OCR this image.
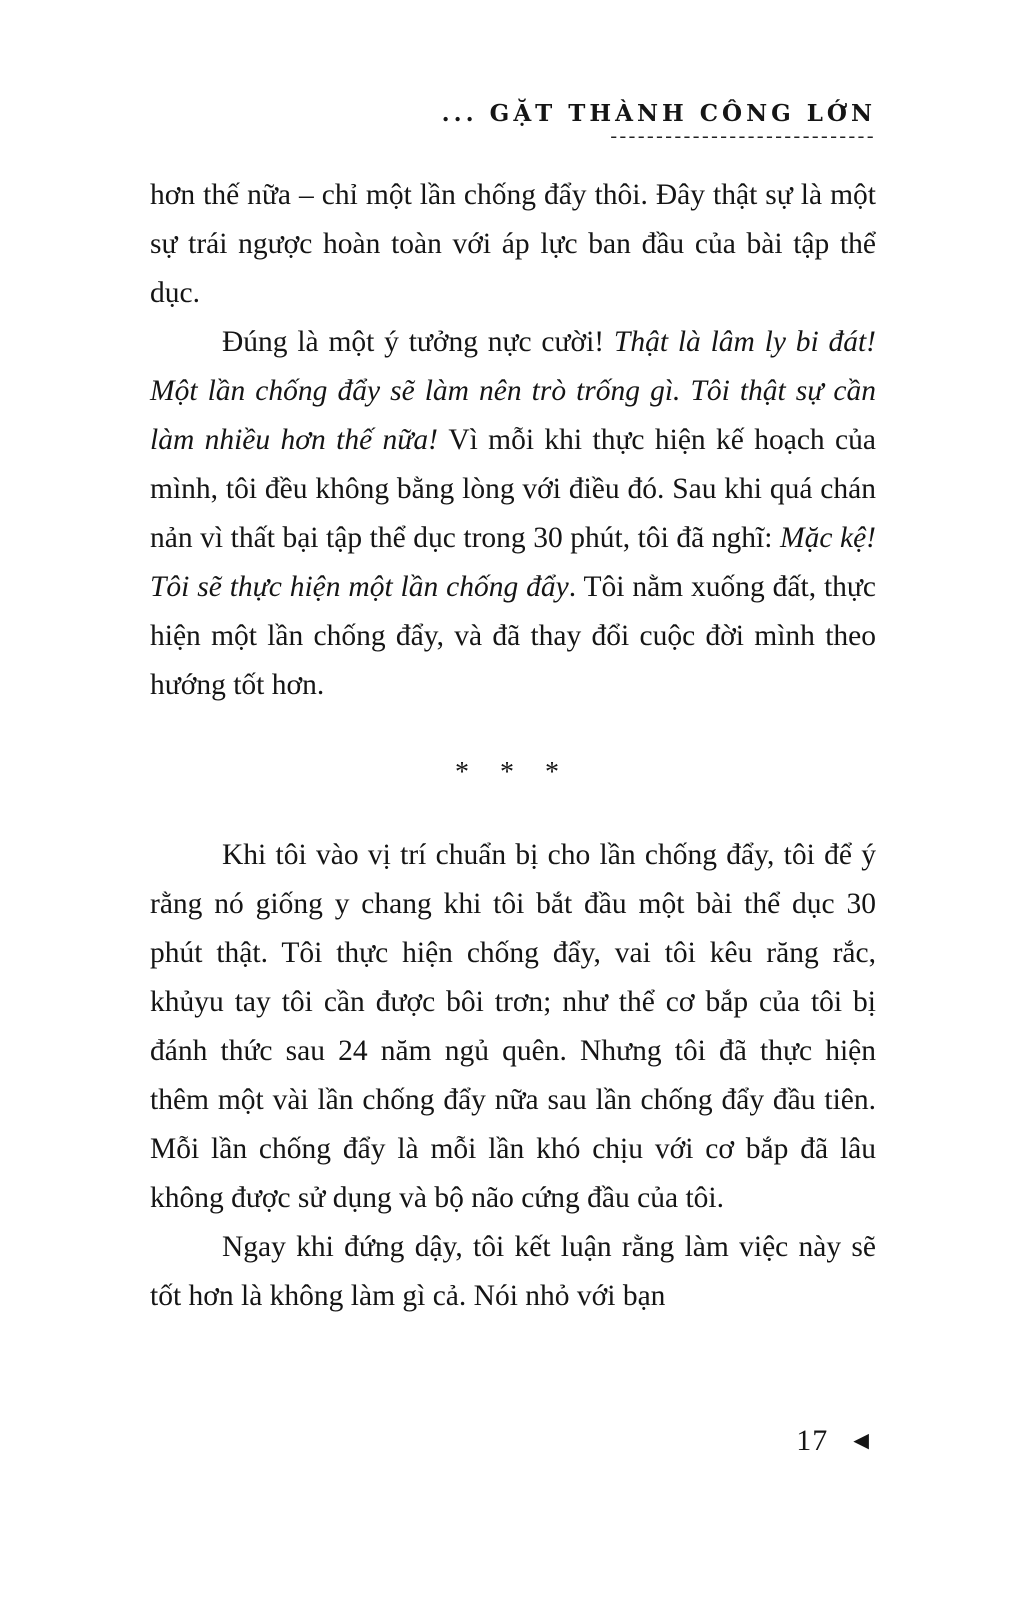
... GẶT THÀNH CÔNG LỚN
-----------------------------

hơn thế nữa – chỉ một lần chống đẩy thôi. Đây thật sự là một sự trái ngược hoàn toàn với áp lực ban đầu của bài tập thể dục.

Đúng là một ý tưởng nực cười! Thật là lâm ly bi đát! Một lần chống đẩy sẽ làm nên trò trống gì. Tôi thật sự cần làm nhiều hơn thế nữa! Vì mỗi khi thực hiện kế hoạch của mình, tôi đều không bằng lòng với điều đó. Sau khi quá chán nản vì thất bại tập thể dục trong 30 phút, tôi đã nghĩ: Mặc kệ! Tôi sẽ thực hiện một lần chống đẩy. Tôi nằm xuống đất, thực hiện một lần chống đẩy, và đã thay đổi cuộc đời mình theo hướng tốt hơn.

* * *

Khi tôi vào vị trí chuẩn bị cho lần chống đẩy, tôi để ý rằng nó giống y chang khi tôi bắt đầu một bài thể dục 30 phút thật. Tôi thực hiện chống đẩy, vai tôi kêu răng rắc, khủyu tay tôi cần được bôi trơn; như thể cơ bắp của tôi bị đánh thức sau 24 năm ngủ quên. Nhưng tôi đã thực hiện thêm một vài lần chống đẩy nữa sau lần chống đẩy đầu tiên. Mỗi lần chống đẩy là mỗi lần khó chịu với cơ bắp đã lâu không được sử dụng và bộ não cứng đầu của tôi.

Ngay khi đứng dậy, tôi kết luận rằng làm việc này sẽ tốt hơn là không làm gì cả. Nói nhỏ với bạn

17 ◄
